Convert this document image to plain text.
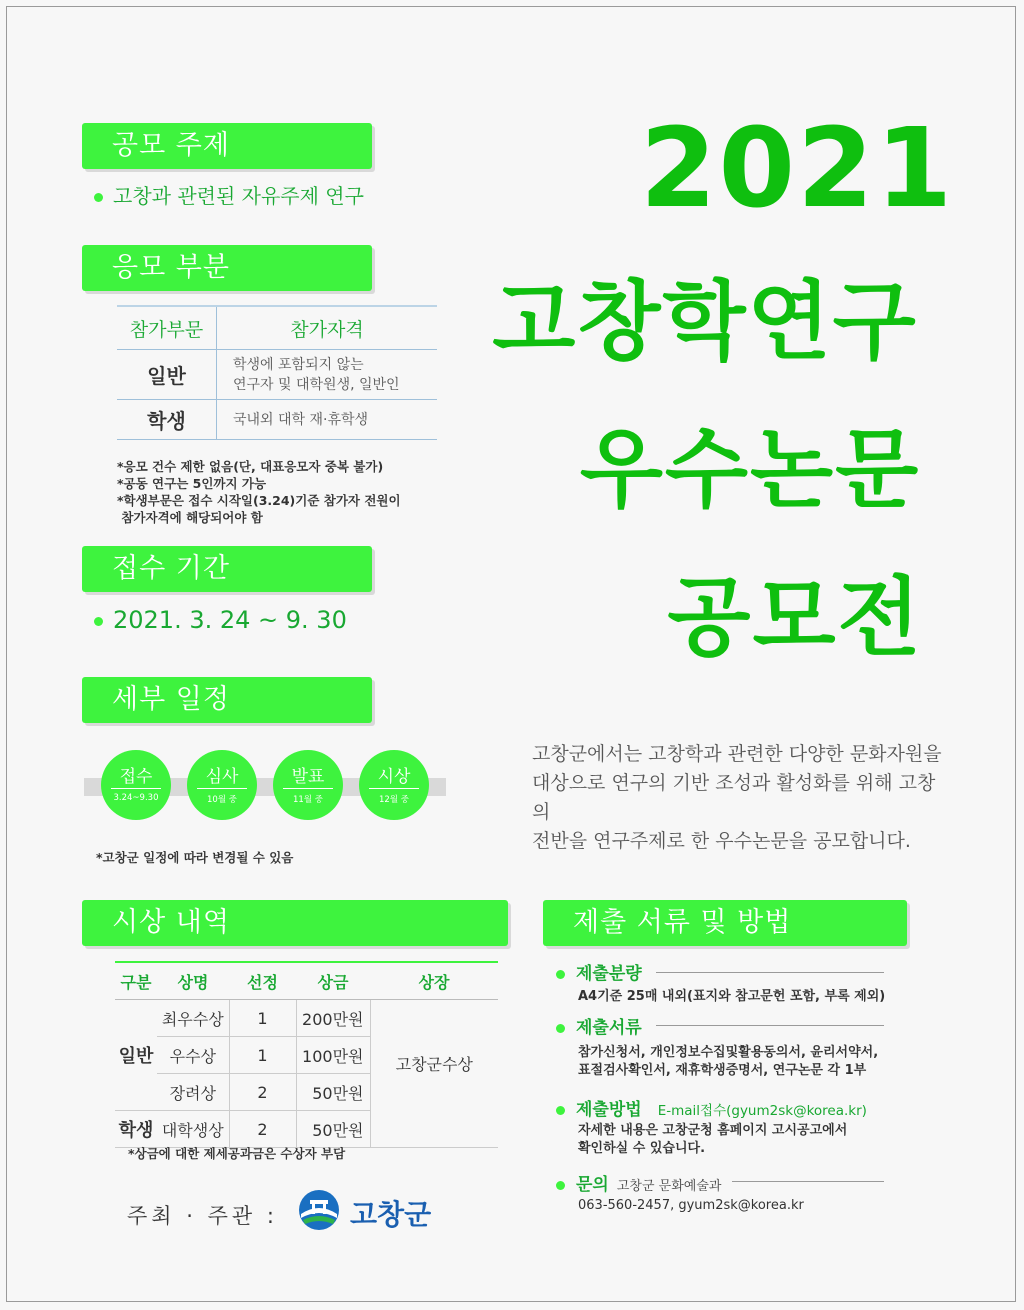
공모 주제
고창과 관련된 자유주제 연구
응모 부분
참가부문	참가자격
일반	학생에 포함되지 않는
연구자 및 대학원생, 일반인
학생	국내외 대학 재·휴학생
*응모 건수 제한 없음(단, 대표응모자 중복 불가)
*공동 연구는 5인까지 가능
*학생부문은 접수 시작일(3.24)기준 참가자 전원이
참가자격에 해당되어야 함
접수 기간
2021. 3. 24 ~ 9. 30
세부 일정
접수
3.24~9.30
심사
10월 중
발표
11월 중
시상
12월 중
*고창군 일정에 따라 변경될 수 있음
2021
고창학연구
우수논문
공모전
고창군에서는 고창학과 관련한 다양한 문화자원을
대상으로 연구의 기반 조성과 활성화를 위해 고창의
전반을 연구주제로 한 우수논문을 공모합니다.
시상 내역
구분	상명	선정	상금	상장
일반	최우수상	1	200만원	고창군수상
	우수상	1	100만원	
	장려상	2	50만원	
학생	대학생상	2	50만원	
*상금에 대한 제세공과금은 수상자 부담
주최 · 주관 :	고창군
제출 서류 및 방법
제출분량
A4기준 25매 내외(표지와 참고문헌 포함, 부록 제외)
제출서류
참가신청서, 개인정보수집및활용동의서, 윤리서약서,
표절검사확인서, 재휴학생증명서, 연구논문 각 1부
제출방법 E-mail접수(gyum2sk@korea.kr)
자세한 내용은 고창군청 홈페이지 고시공고에서
확인하실 수 있습니다.
문의 고창군 문화예술과
063-560-2457, gyum2sk@korea.kr
